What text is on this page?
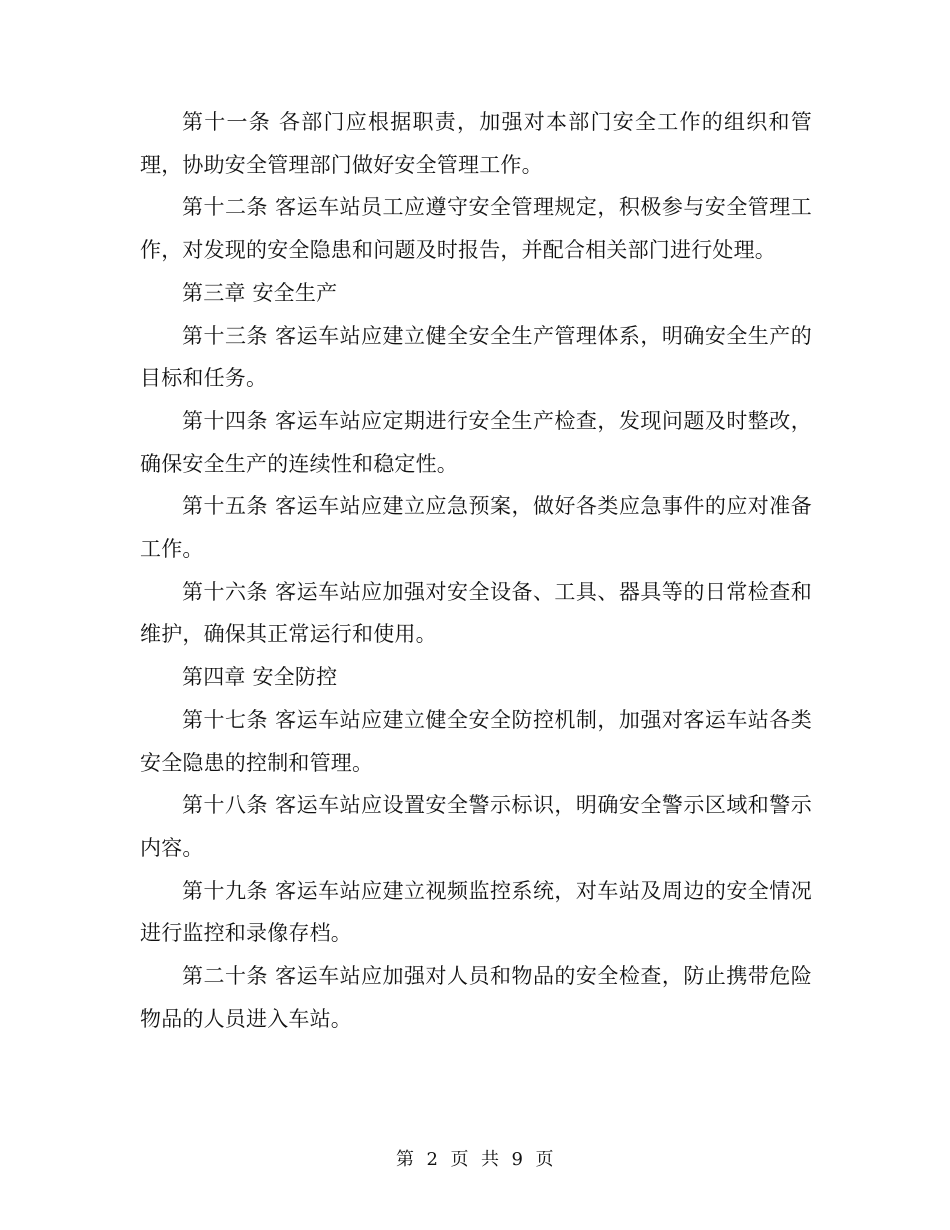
第十一条 各部门应根据职责，加强对本部门安全工作的组织和管理，协助安全管理部门做好安全管理工作。

第十二条 客运车站员工应遵守安全管理规定，积极参与安全管理工作，对发现的安全隐患和问题及时报告，并配合相关部门进行处理。

第三章 安全生产

第十三条 客运车站应建立健全安全生产管理体系，明确安全生产的目标和任务。

第十四条 客运车站应定期进行安全生产检查，发现问题及时整改，确保安全生产的连续性和稳定性。

第十五条 客运车站应建立应急预案，做好各类应急事件的应对准备工作。

第十六条 客运车站应加强对安全设备、工具、器具等的日常检查和维护，确保其正常运行和使用。

第四章 安全防控

第十七条 客运车站应建立健全安全防控机制，加强对客运车站各类安全隐患的控制和管理。

第十八条 客运车站应设置安全警示标识，明确安全警示区域和警示内容。

第十九条 客运车站应建立视频监控系统，对车站及周边的安全情况进行监控和录像存档。

第二十条 客运车站应加强对人员和物品的安全检查，防止携带危险物品的人员进入车站。

第 2 页 共 9 页
